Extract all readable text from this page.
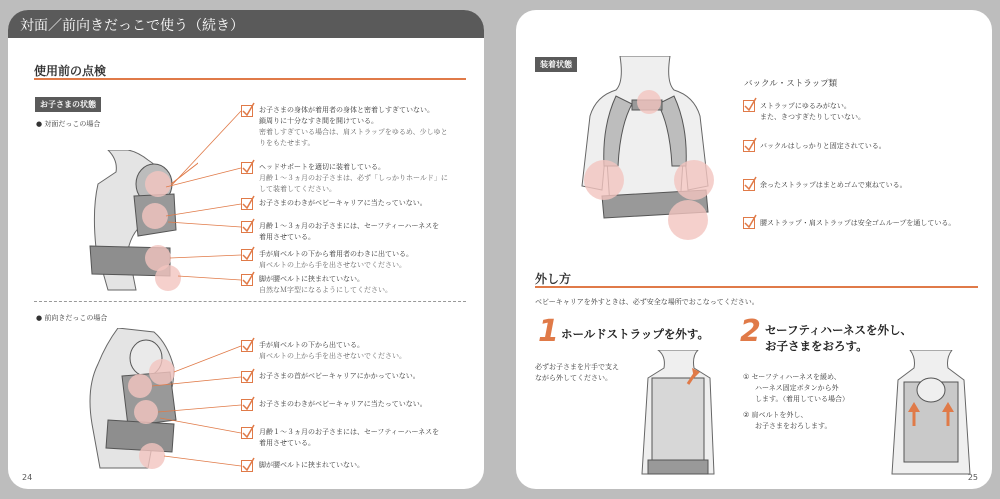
対面／前向きだっこで使う（続き）
使用前の点検
お子さまの状態
● 対面だっこの場合
● 前向きだっこの場合
お子さまの身体が着用者の身体と密着しすぎていない。
鎖周りに十分なすき間を開けている。
密着しすぎている場合は、肩ストラップをゆるめ、少しゆと
りをもたせます。
ヘッドサポートを適切に装着している。
月齢１～３ヵ月のお子さまは、必ず「しっかりホールド」に
して装着してください。
お子さまのわきがベビーキャリアに当たっていない。
月齢１～３ヵ月のお子さまには、セーフティーハーネスを
着用させている。
手が肩ベルトの下から着用者のわきに出ている。
肩ベルトの上から手を出させないでください。
脚が腰ベルトに挟まれていない。
自然なＭ字型になるようにしてください。
手が肩ベルトの下から出ている。
肩ベルトの上から手を出させないでください。
お子さまの首がベビーキャリアにかかっていない。
お子さまのわきがベビーキャリアに当たっていない。
月齢１～３ヵ月のお子さまには、セーフティーハーネスを
着用させている。
脚が腰ベルトに挟まれていない。
24
装着状態
バックル・ストラップ類
ストラップにゆるみがない。
また、きつすぎたりしていない。
バックルはしっかりと固定されている。
余ったストラップはまとめゴムで束ねている。
腰ストラップ・肩ストラップは安全ゴムループを通している。
外し方
ベビーキャリアを外すときは、必ず安全な場所でおこなってください。
1 ホールドストラップを外す。
必ずお子さまを片手で支え
ながら外してください。
2 セーフティハーネスを外し、
お子さまをおろす。
① セーフティハーネスを緩め、
ハーネス固定ボタンから外
します。（着用している場合）
② 肩ベルトを外し、
お子さまをおろします。
25
